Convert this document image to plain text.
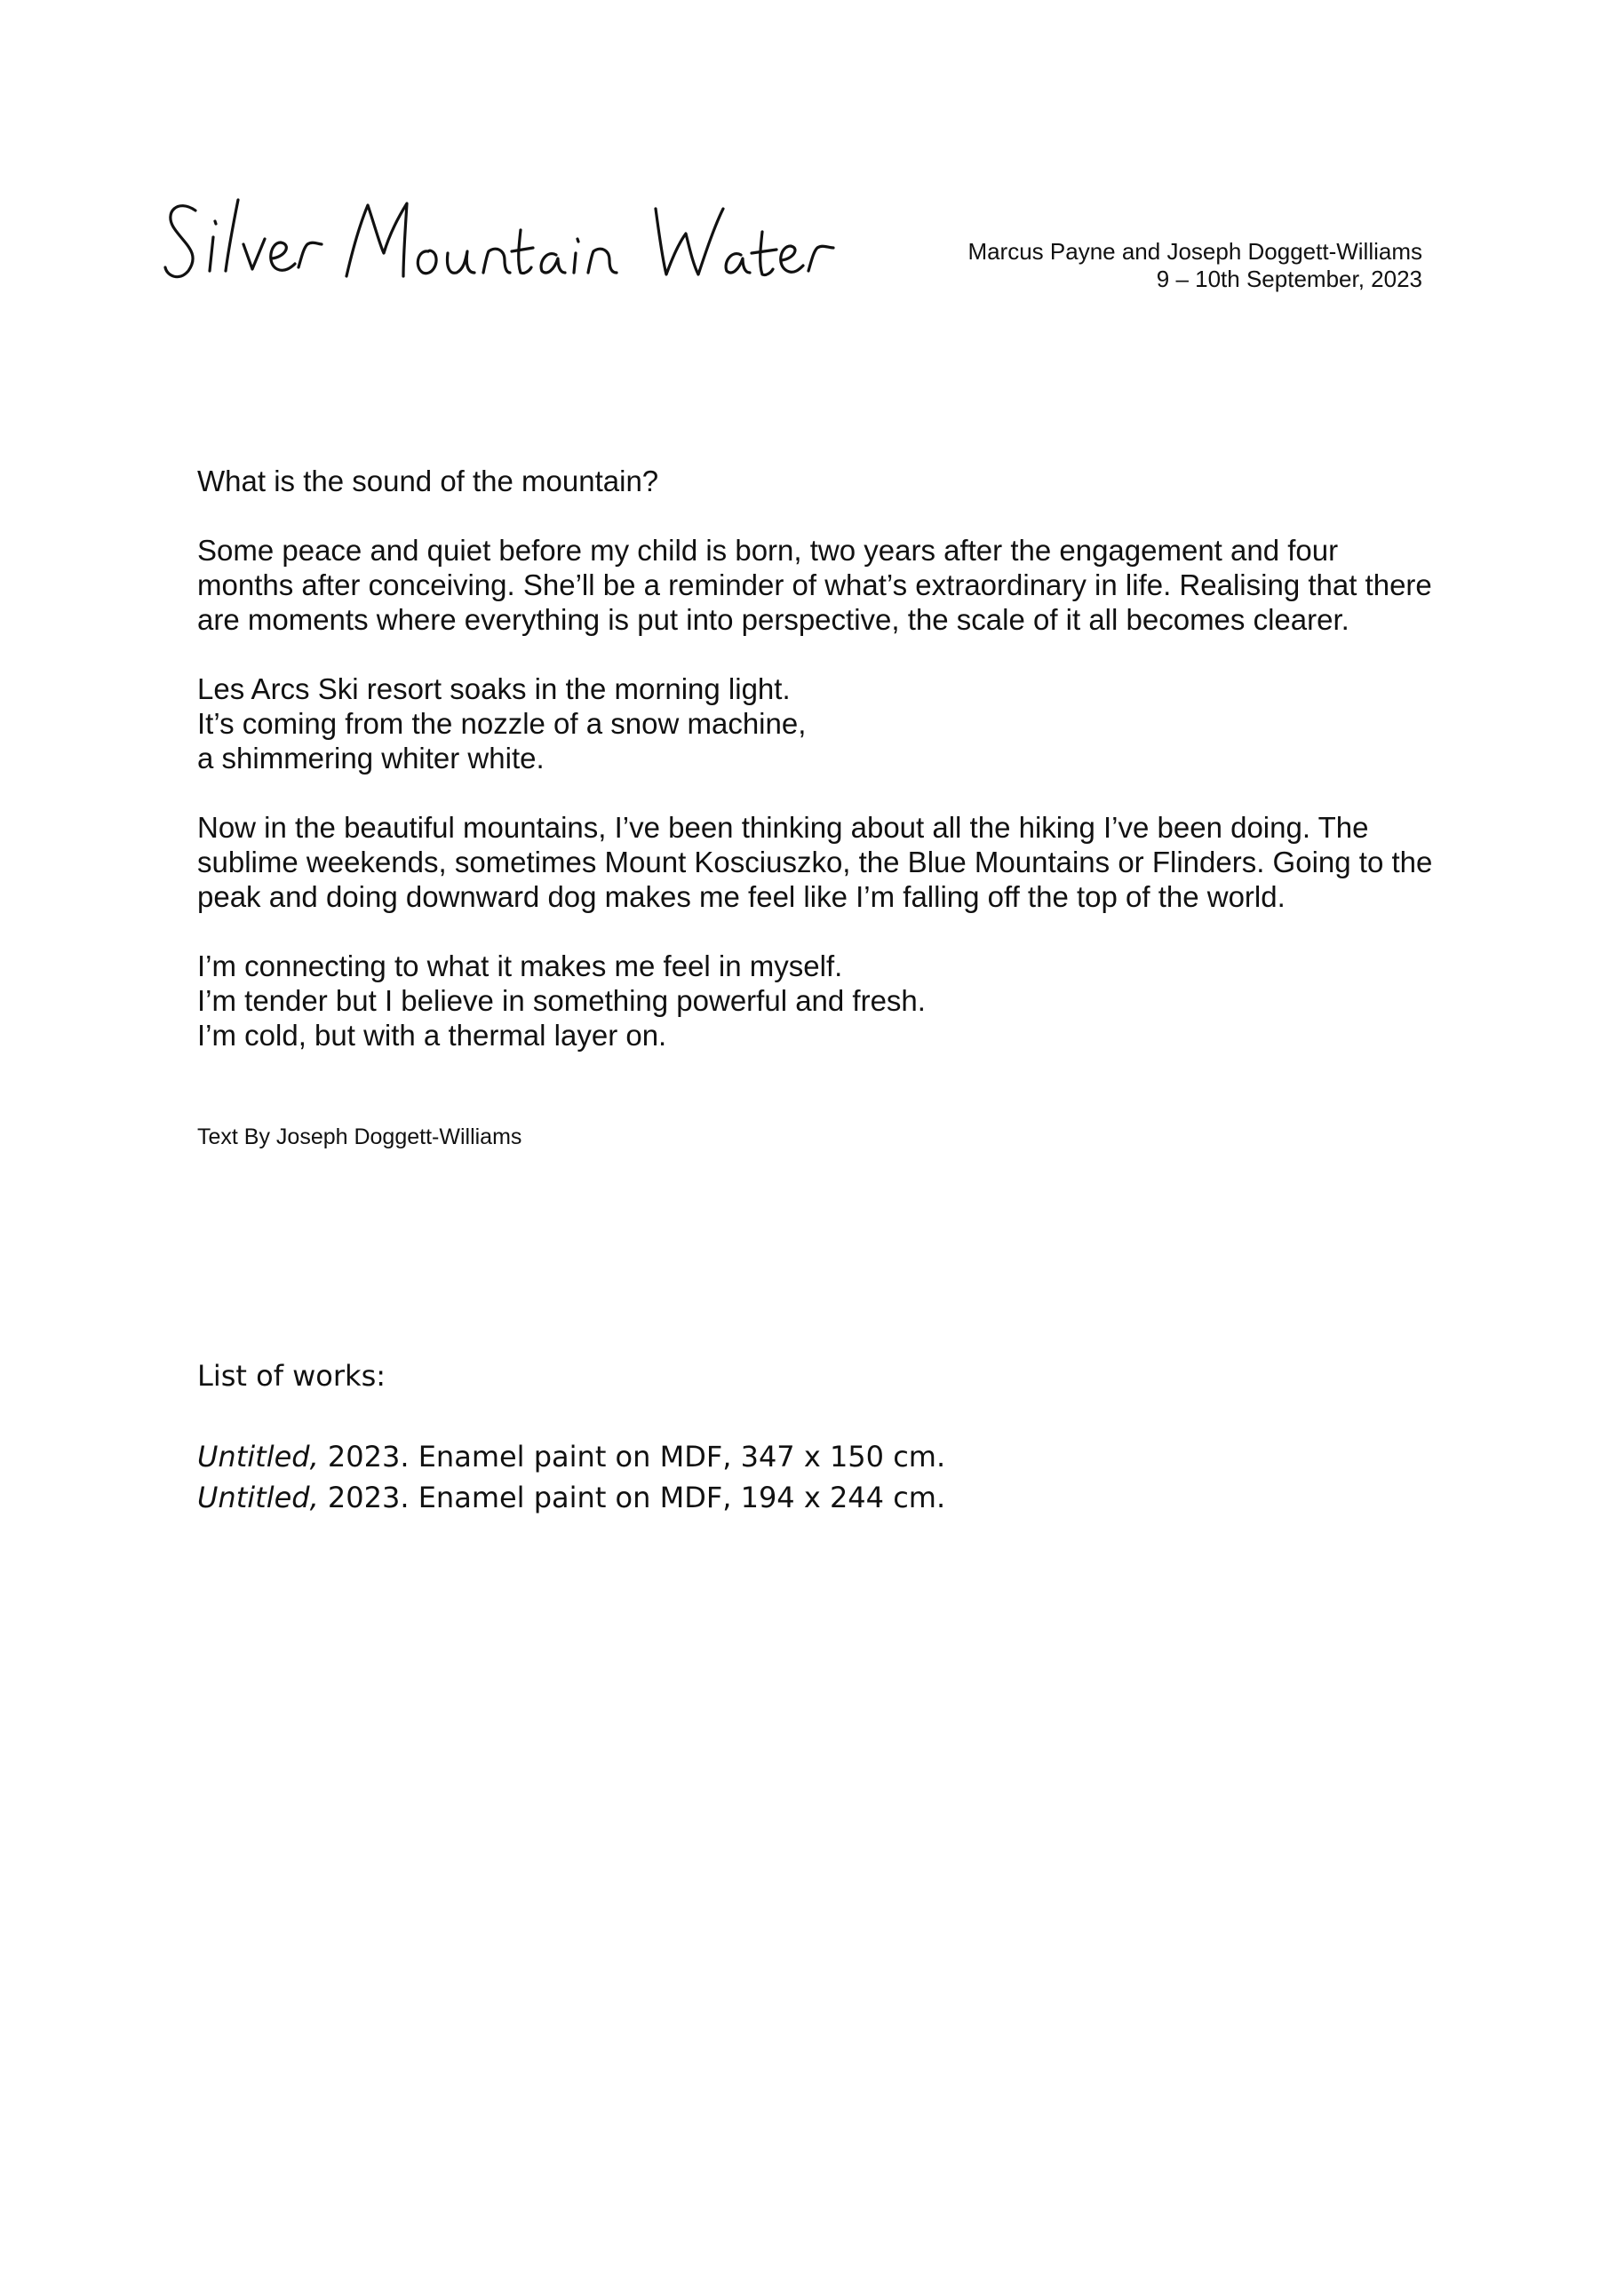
Marcus Payne and Joseph Doggett-Williams
9 – 10th September, 2023

What is the sound of the mountain?

Some peace and quiet before my child is born, two years after the engagement and four months after conceiving. She’ll be a reminder of what’s extraordinary in life. Realising that there are moments where everything is put into perspective, the scale of it all becomes clearer.

Les Arcs Ski resort soaks in the morning light.
It’s coming from the nozzle of a snow machine,
a shimmering whiter white.

Now in the beautiful mountains, I’ve been thinking about all the hiking I’ve been doing. The sublime weekends, sometimes Mount Kosciuszko, the Blue Mountains or Flinders. Going to the peak and doing downward dog makes me feel like I’m falling off the top of the world.

I’m connecting to what it makes me feel in myself.
I’m tender but I believe in something powerful and fresh.
I’m cold, but with a thermal layer on.

Text By Joseph Doggett-Williams

List of works:

Untitled, 2023. Enamel paint on MDF, 347 x 150 cm.

Untitled, 2023. Enamel paint on MDF, 194 x 244 cm.
